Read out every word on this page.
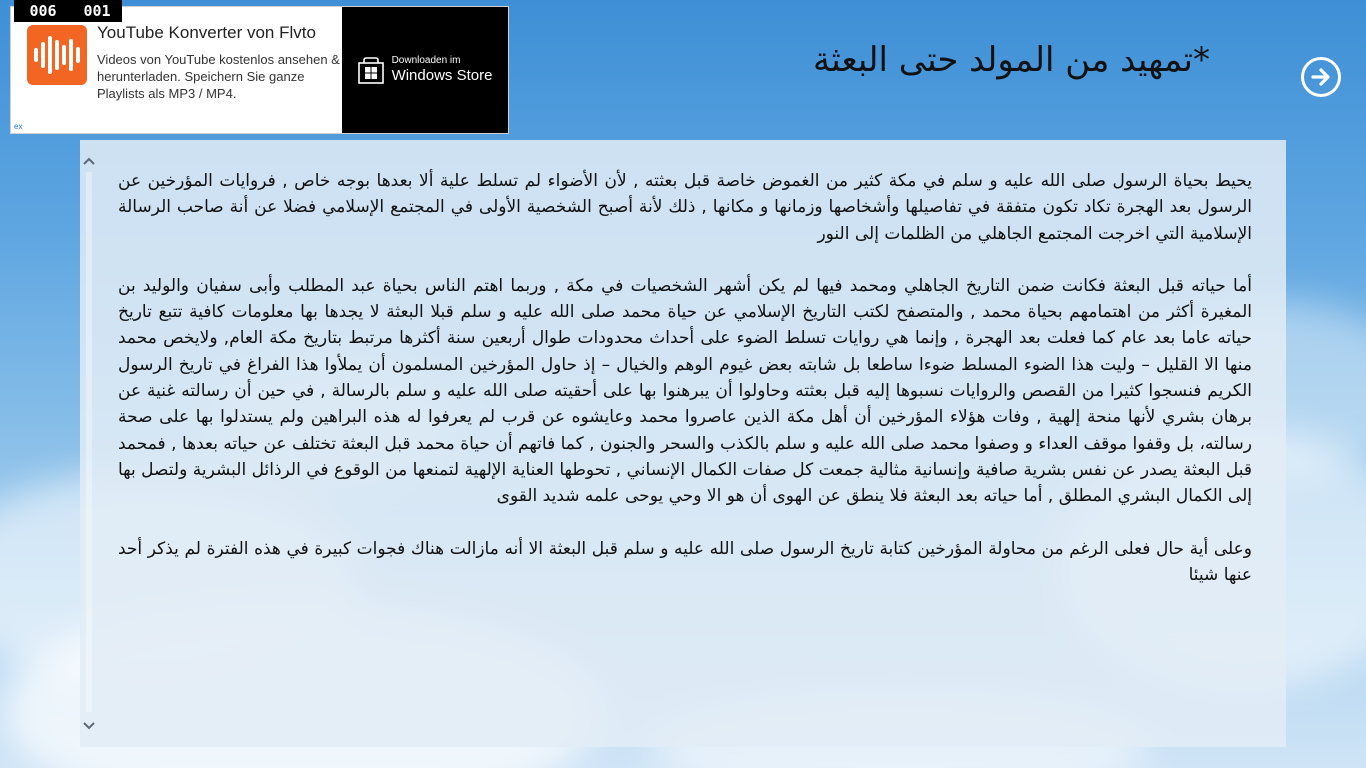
YouTube Konverter von Flvto
Videos von YouTube kostenlos ansehen & herunterladen. Speichern Sie ganze Playlists als MP3 / MP4.
ex
Downloaden im
Windows Store
006	001
*تمهيد من المولد حتى البعثة

يحيط بحياة الرسول صلى الله عليه و سلم في مكة كثير من الغموض خاصة قبل بعثته , لأن الأضواء لم تسلط علية ألا بعدها بوجه خاص , فروايات المؤرخين عن الرسول بعد الهجرة تكاد تكون متفقة في تفاصيلها وأشخاصها وزمانها و مكانها , ذلك لأنة أصبح الشخصية الأولى في المجتمع الإسلامي فضلا عن أنة صاحب الرسالة الإسلامية التي اخرجت المجتمع الجاهلي من الظلمات إلى النور

أما حياته قبل البعثة فكانت ضمن التاريخ الجاهلي ومحمد فيها لم يكن أشهر الشخصيات في مكة , وربما اهتم الناس بحياة عبد المطلب وأبى سفيان والوليد بن المغيرة أكثر من اهتمامهم بحياة محمد , والمتصفح لكتب التاريخ الإسلامي عن حياة محمد صلى الله عليه و سلم قبلا البعثة لا يجدها بها معلومات كافية تتبع تاريخ حياته عاما بعد عام كما فعلت بعد الهجرة , وإنما هي روايات تسلط الضوء على أحداث محدودات طوال أربعين سنة أكثرها مرتبط بتاريخ مكة العام, ولايخص محمد منها الا القليل – وليت هذا الضوء المسلط ضوءا ساطعا بل شابته بعض غيوم الوهم والخيال – إذ حاول المؤرخين المسلمون أن يملأوا هذا الفراغ في تاريخ الرسول الكريم فنسجوا كثيرا من القصص والروايات نسبوها إليه قبل بعثته وحاولوا أن يبرهنوا بها على أحقيته صلى الله عليه و سلم بالرسالة , في حين أن رسالته غنية عن برهان بشري لأنها منحة إلهية , وفات هؤلاء المؤرخين أن أهل مكة الذين عاصروا محمد وعايشوه عن قرب لم يعرفوا له هذه البراهين ولم يستدلوا بها على صحة رسالته، بل وقفوا موقف العداء و وصفوا محمد صلى الله عليه و سلم بالكذب والسحر والجنون , كما فاتهم أن حياة محمد قبل البعثة تختلف عن حياته بعدها , فمحمد قبل البعثة يصدر عن نفس بشرية صافية وإنسانية مثالية جمعت كل صفات الكمال الإنساني , تحوطها العناية الإلهية لتمنعها من الوقوع في الرذائل البشرية ولتصل بها إلى الكمال البشري المطلق , أما حياته بعد البعثة فلا ينطق عن الهوى أن هو الا وحي يوحى علمه شديد القوى

وعلى أية حال فعلى الرغم من محاولة المؤرخين كتابة تاريخ الرسول صلى الله عليه و سلم قبل البعثة الا أنه مازالت هناك فجوات كبيرة في هذه الفترة لم يذكر أحد عنها شيئا
